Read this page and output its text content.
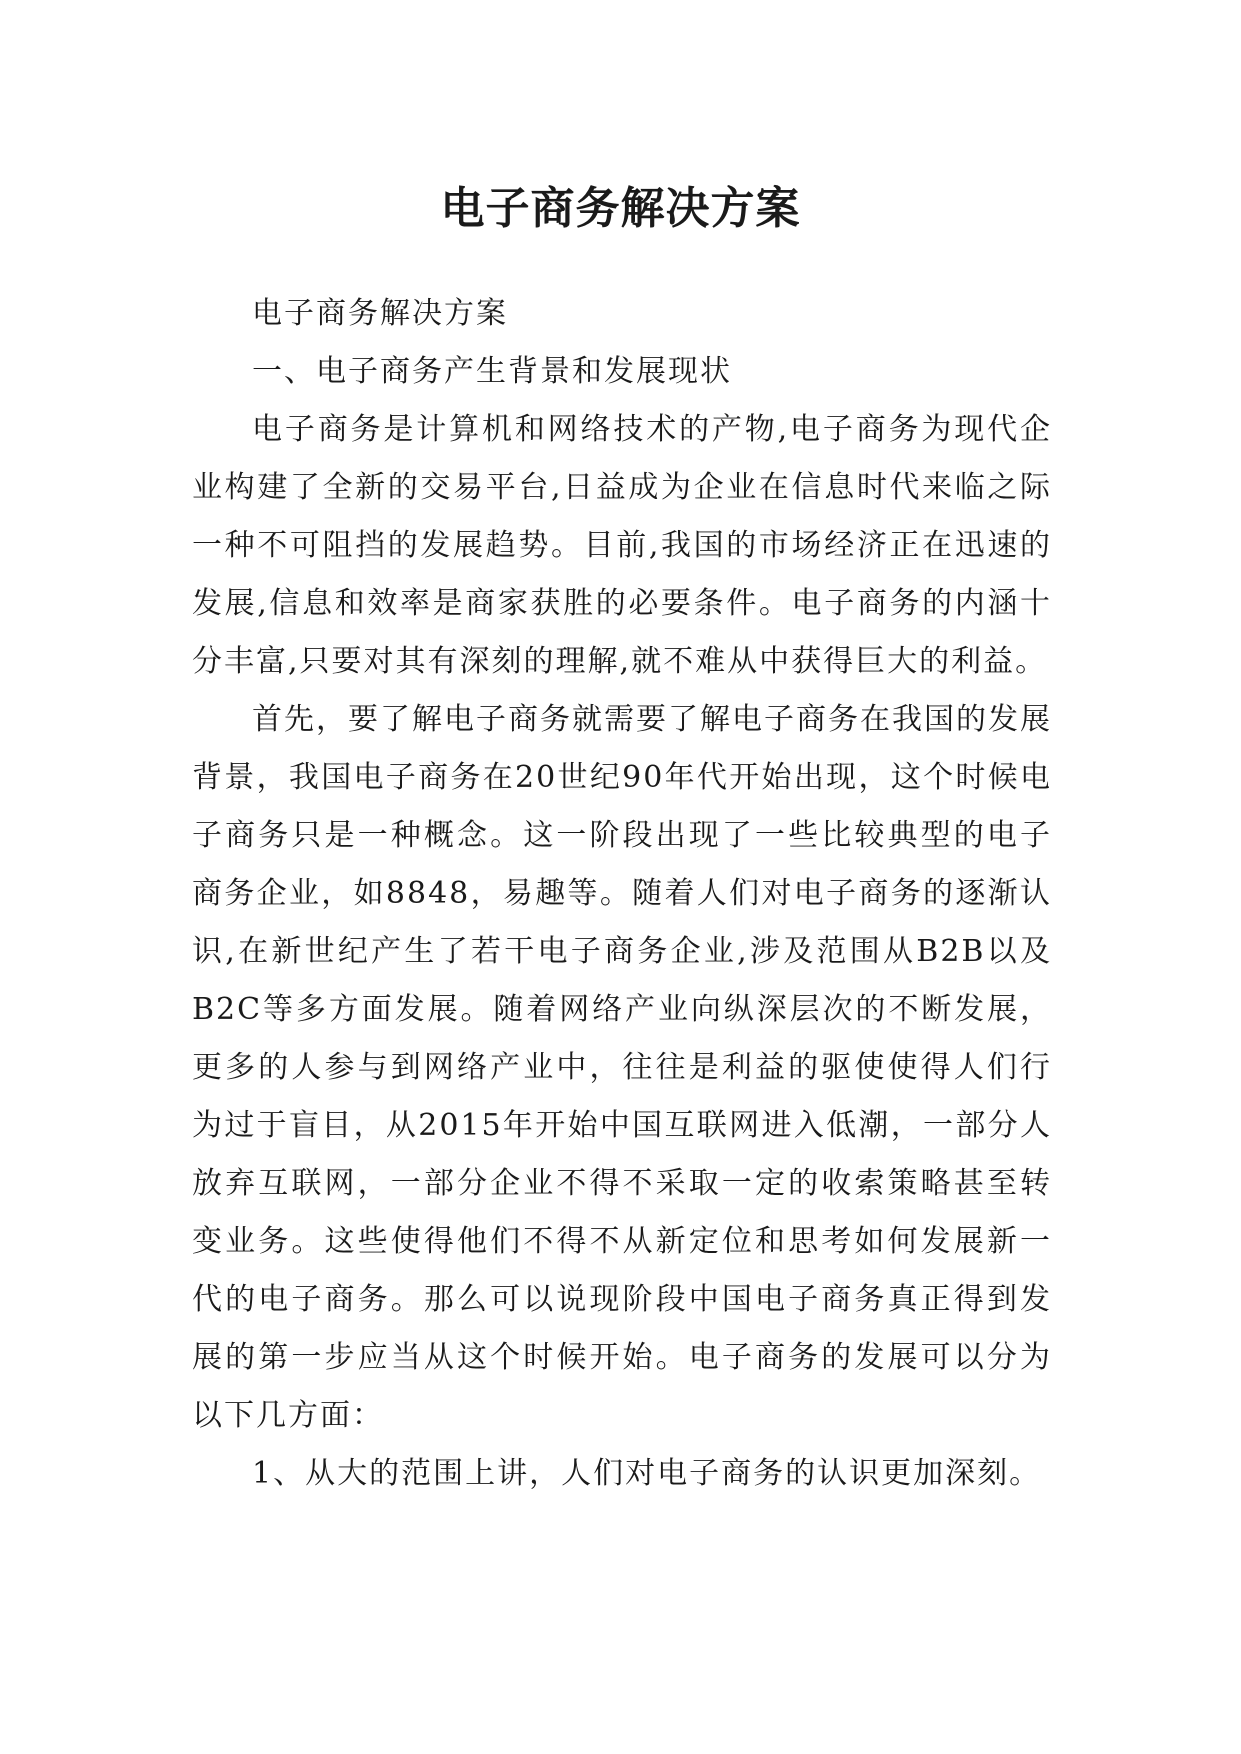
电子商务解决方案

电子商务解决方案

一、电子商务产生背景和发展现状

电子商务是计算机和网络技术的产物,电子商务为现代企业构建了全新的交易平台,日益成为企业在信息时代来临之际一种不可阻挡的发展趋势。目前,我国的市场经济正在迅速的发展,信息和效率是商家获胜的必要条件。电子商务的内涵十分丰富,只要对其有深刻的理解,就不难从中获得巨大的利益。

首先，要了解电子商务就需要了解电子商务在我国的发展背景，我国电子商务在20世纪90年代开始出现，这个时候电子商务只是一种概念。这一阶段出现了一些比较典型的电子商务企业，如8848，易趣等。随着人们对电子商务的逐渐认识,在新世纪产生了若干电子商务企业,涉及范围从B2B以及B2C等多方面发展。随着网络产业向纵深层次的不断发展，更多的人参与到网络产业中，往往是利益的驱使使得人们行为过于盲目，从2015年开始中国互联网进入低潮，一部分人放弃互联网，一部分企业不得不采取一定的收索策略甚至转变业务。这些使得他们不得不从新定位和思考如何发展新一代的电子商务。那么可以说现阶段中国电子商务真正得到发展的第一步应当从这个时候开始。电子商务的发展可以分为以下几方面：

1、从大的范围上讲，人们对电子商务的认识更加深刻。
